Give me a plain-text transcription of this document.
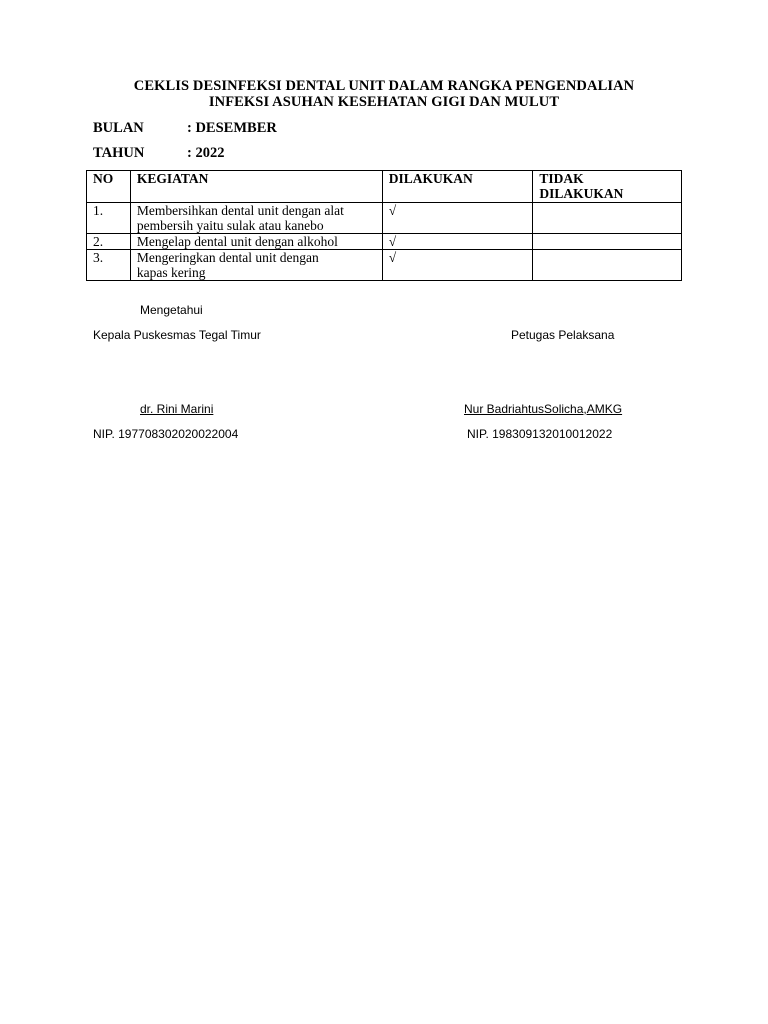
CEKLIS DESINFEKSI DENTAL UNIT DALAM RANGKA PENGENDALIAN
INFEKSI ASUHAN KESEHATAN GIGI DAN MULUT
BULAN	: DESEMBER
TAHUN	: 2022
NO	KEGIATAN	DILAKUKAN	TIDAK
DILAKUKAN

1.	Membersihkan dental unit dengan alat
pembersih yaitu sulak atau kanebo	√	
2.	Mengelap dental unit dengan alkohol	√	
3.	Mengeringkan dental unit dengan
kapas kering	√	
Mengetahui
Kepala Puskesmas Tegal Timur	Petugas Pelaksana
dr. Rini Marini	Nur BadriahtusSolicha,AMKG
NIP. 197708302020022004	NIP. 198309132010012022
